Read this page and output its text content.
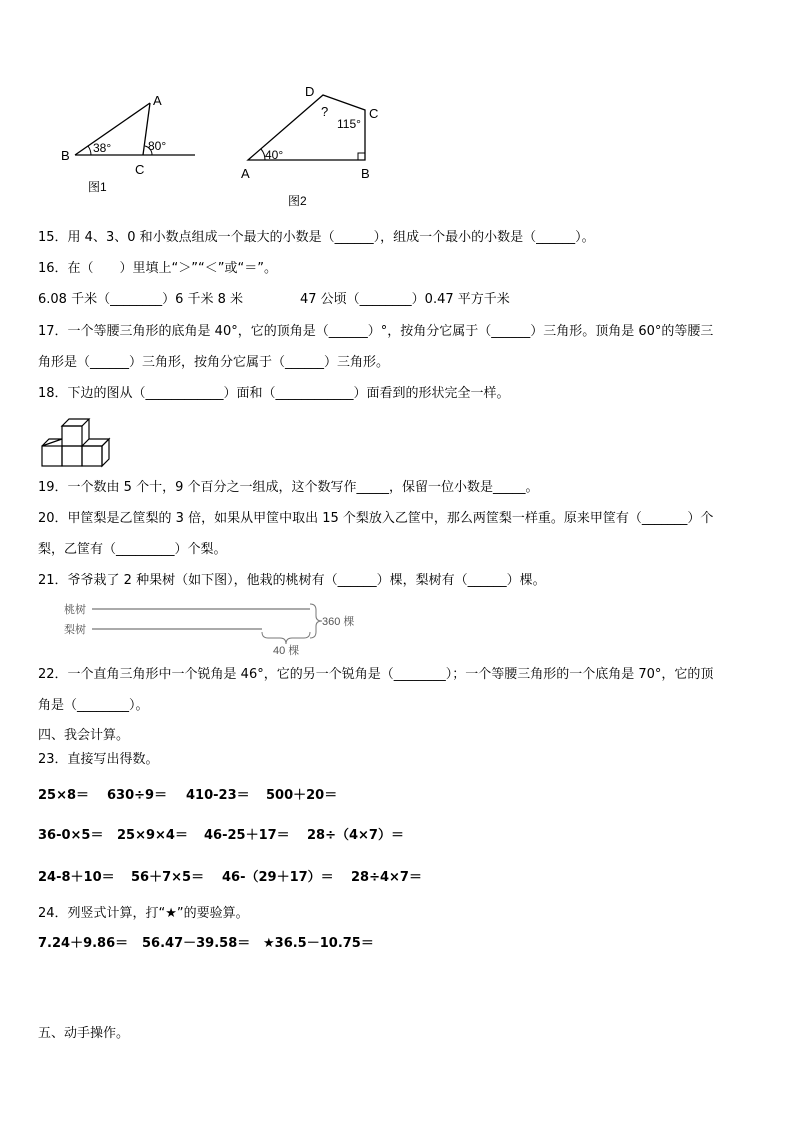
A
B
C
38°	80°
图1
D
C
A	B
40°
115°
?
图2
15．用 4、3、0 和小数点组成一个最大的小数是（______），组成一个最小的小数是（______）。
16．在（　　）里填上“＞”“＜”或“＝”。
6.08 千米（________）6 千米 8 米	47 公顷（________）0.47 平方千米
17．一个等腰三角形的底角是 40°，它的顶角是（______）°，按角分它属于（______）三角形。顶角是 60°的等腰三
角形是（______）三角形，按角分它属于（______）三角形。
18．下边的图从（____________）面和（____________）面看到的形状完全一样。
19．一个数由 5 个十，9 个百分之一组成，这个数写作_____，保留一位小数是_____。
20．甲筐梨是乙筐梨的 3 倍，如果从甲筐中取出 15 个梨放入乙筐中，那么两筐梨一样重。原来甲筐有（_______）个
梨，乙筐有（_________）个梨。
21．爷爷栽了 2 种果树（如下图），他栽的桃树有（______）棵，梨树有（______）棵。
桃树
梨树
360 棵
40 棵
22．一个直角三角形中一个锐角是 46°，它的另一个锐角是（________）；一个等腰三角形的一个底角是 70°，它的顶
角是（________）。
四、我会计算。
23．直接写出得数。
25×8＝ 630÷9＝ 410-23＝ 500＋20＝
36-0×5＝ 25×9×4＝ 46-25＋17＝ 28÷（4×7）＝
24-8＋10＝ 56＋7×5＝ 46-（29＋17）＝ 28÷4×7＝
24．列竖式计算，打“★”的要验算。
7.24＋9.86＝ 56.47－39.58＝ ★36.5－10.75＝
五、动手操作。
